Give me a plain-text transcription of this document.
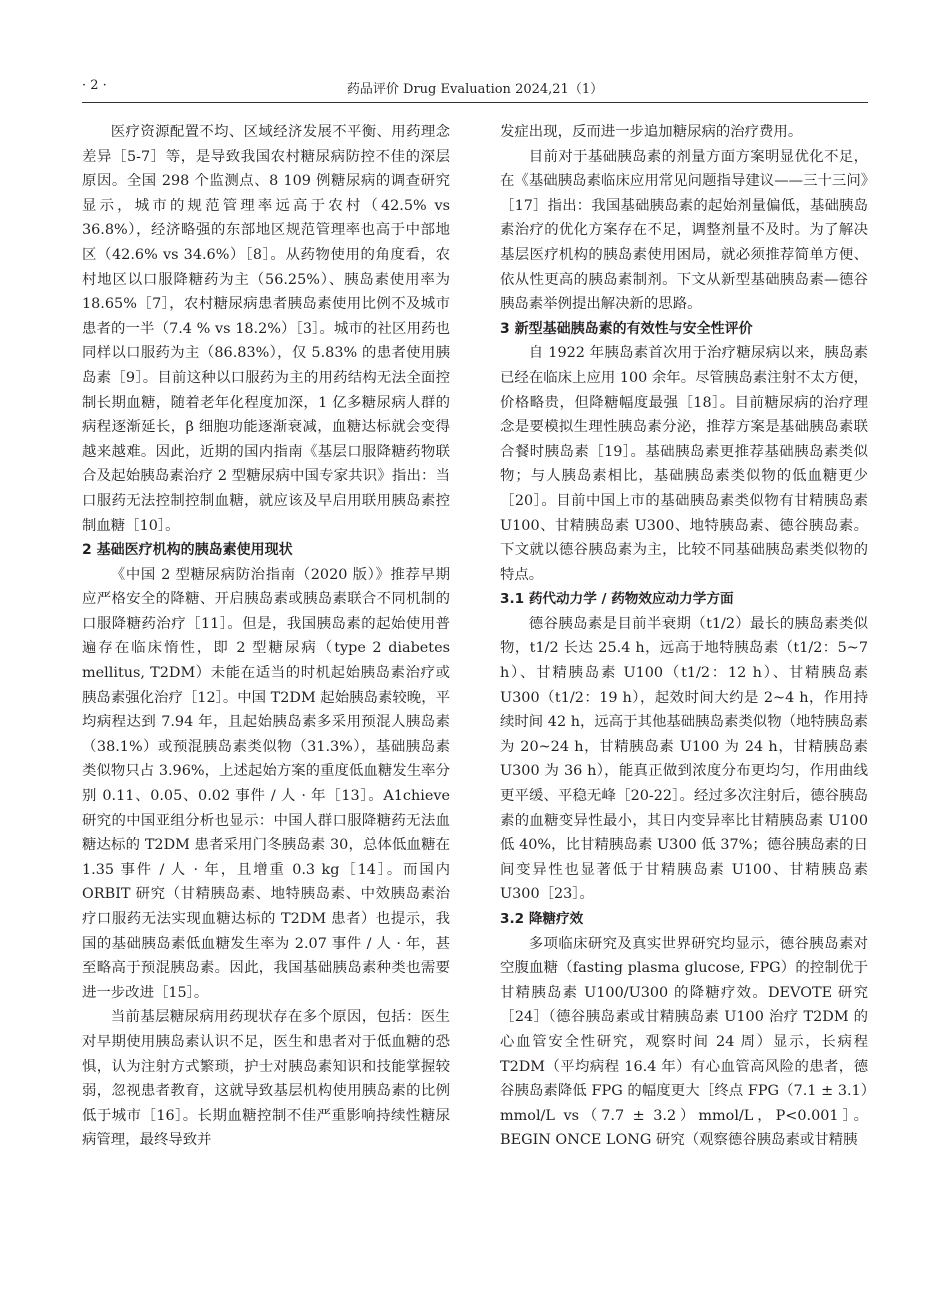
· 2 ·	药品评价 Drug Evaluation 2024,21（1）

医疗资源配置不均、区域经济发展不平衡、用药理念差异［5-7］等，是导致我国农村糖尿病防控不佳的深层原因。全国 298 个监测点、8 109 例糖尿病的调查研究显示，城市的规范管理率远高于农村（42.5% vs 36.8%），经济略强的东部地区规范管理率也高于中部地区（42.6% vs 34.6%）［8］。从药物使用的角度看，农村地区以口服降糖药为主（56.25%）、胰岛素使用率为 18.65%［7］，农村糖尿病患者胰岛素使用比例不及城市患者的一半（7.4 % vs 18.2%）［3］。城市的社区用药也同样以口服药为主（86.83%），仅 5.83% 的患者使用胰岛素［9］。目前这种以口服药为主的用药结构无法全面控制长期血糖，随着老年化程度加深，1 亿多糖尿病人群的病程逐渐延长，β 细胞功能逐渐衰减，血糖达标就会变得越来越难。因此，近期的国内指南《基层口服降糖药物联合及起始胰岛素治疗 2 型糖尿病中国专家共识》指出：当口服药无法控制控制血糖，就应该及早启用联用胰岛素控制血糖［10］。

2 基础医疗机构的胰岛素使用现状

《中国 2 型糖尿病防治指南（2020 版）》推荐早期应严格安全的降糖、开启胰岛素或胰岛素联合不同机制的口服降糖药治疗［11］。但是，我国胰岛素的起始使用普遍存在临床惰性，即 2 型糖尿病（type 2 diabetes mellitus, T2DM）未能在适当的时机起始胰岛素治疗或胰岛素强化治疗［12］。中国 T2DM 起始胰岛素较晚，平均病程达到 7.94 年，且起始胰岛素多采用预混人胰岛素（38.1%）或预混胰岛素类似物（31.3%），基础胰岛素类似物只占 3.96%，上述起始方案的重度低血糖发生率分别 0.11、0.05、0.02 事件 / 人 · 年［13］。A1chieve 研究的中国亚组分析也显示：中国人群口服降糖药无法血糖达标的 T2DM 患者采用门冬胰岛素 30，总体低血糖在 1.35 事件 / 人 · 年，且增重 0.3 kg［14］。而国内 ORBIT 研究（甘精胰岛素、地特胰岛素、中效胰岛素治疗口服药无法实现血糖达标的 T2DM 患者）也提示，我国的基础胰岛素低血糖发生率为 2.07 事件 / 人 · 年，甚至略高于预混胰岛素。因此，我国基础胰岛素种类也需要进一步改进［15］。

当前基层糖尿病用药现状存在多个原因，包括：医生对早期使用胰岛素认识不足，医生和患者对于低血糖的恐惧，认为注射方式繁琐，护士对胰岛素知识和技能掌握较弱，忽视患者教育，这就导致基层机构使用胰岛素的比例低于城市［16］。长期血糖控制不佳严重影响持续性糖尿病管理，最终导致并

发症出现，反而进一步追加糖尿病的治疗费用。

目前对于基础胰岛素的剂量方面方案明显优化不足，在《基础胰岛素临床应用常见问题指导建议——三十三问》［17］指出：我国基础胰岛素的起始剂量偏低，基础胰岛素治疗的优化方案存在不足，调整剂量不及时。为了解决基层医疗机构的胰岛素使用困局，就必须推荐简单方便、依从性更高的胰岛素制剂。下文从新型基础胰岛素—德谷胰岛素举例提出解决新的思路。

3 新型基础胰岛素的有效性与安全性评价

自 1922 年胰岛素首次用于治疗糖尿病以来，胰岛素已经在临床上应用 100 余年。尽管胰岛素注射不太方便，价格略贵，但降糖幅度最强［18］。目前糖尿病的治疗理念是要模拟生理性胰岛素分泌，推荐方案是基础胰岛素联合餐时胰岛素［19］。基础胰岛素更推荐基础胰岛素类似物；与人胰岛素相比，基础胰岛素类似物的低血糖更少［20］。目前中国上市的基础胰岛素类似物有甘精胰岛素 U100、甘精胰岛素 U300、地特胰岛素、德谷胰岛素。下文就以德谷胰岛素为主，比较不同基础胰岛素类似物的特点。

3.1 药代动力学 / 药物效应动力学方面

德谷胰岛素是目前半衰期（t1/2）最长的胰岛素类似物，t1/2 长达 25.4 h，远高于地特胰岛素（t1/2：5~7 h）、甘精胰岛素 U100（t1/2：12 h）、甘精胰岛素 U300（t1/2：19 h），起效时间大约是 2~4 h，作用持续时间 42 h，远高于其他基础胰岛素类似物（地特胰岛素为 20~24 h，甘精胰岛素 U100 为 24 h，甘精胰岛素 U300 为 36 h），能真正做到浓度分布更均匀，作用曲线更平缓、平稳无峰［20-22］。经过多次注射后，德谷胰岛素的血糖变异性最小，其日内变异率比甘精胰岛素 U100 低 40%，比甘精胰岛素 U300 低 37%；德谷胰岛素的日间变异性也显著低于甘精胰岛素 U100、甘精胰岛素 U300［23］。

3.2 降糖疗效

多项临床研究及真实世界研究均显示，德谷胰岛素对空腹血糖（fasting plasma glucose, FPG）的控制优于甘精胰岛素 U100/U300 的降糖疗效。DEVOTE 研究［24］（德谷胰岛素或甘精胰岛素 U100 治疗 T2DM 的心血管安全性研究，观察时间 24 周）显示，长病程 T2DM（平均病程 16.4 年）有心血管高风险的患者，德谷胰岛素降低 FPG 的幅度更大［终点 FPG（7.1 ± 3.1）mmol/L vs（7.7 ± 3.2）mmol/L，P<0.001］。BEGIN ONCE LONG 研究（观察德谷胰岛素或甘精胰
